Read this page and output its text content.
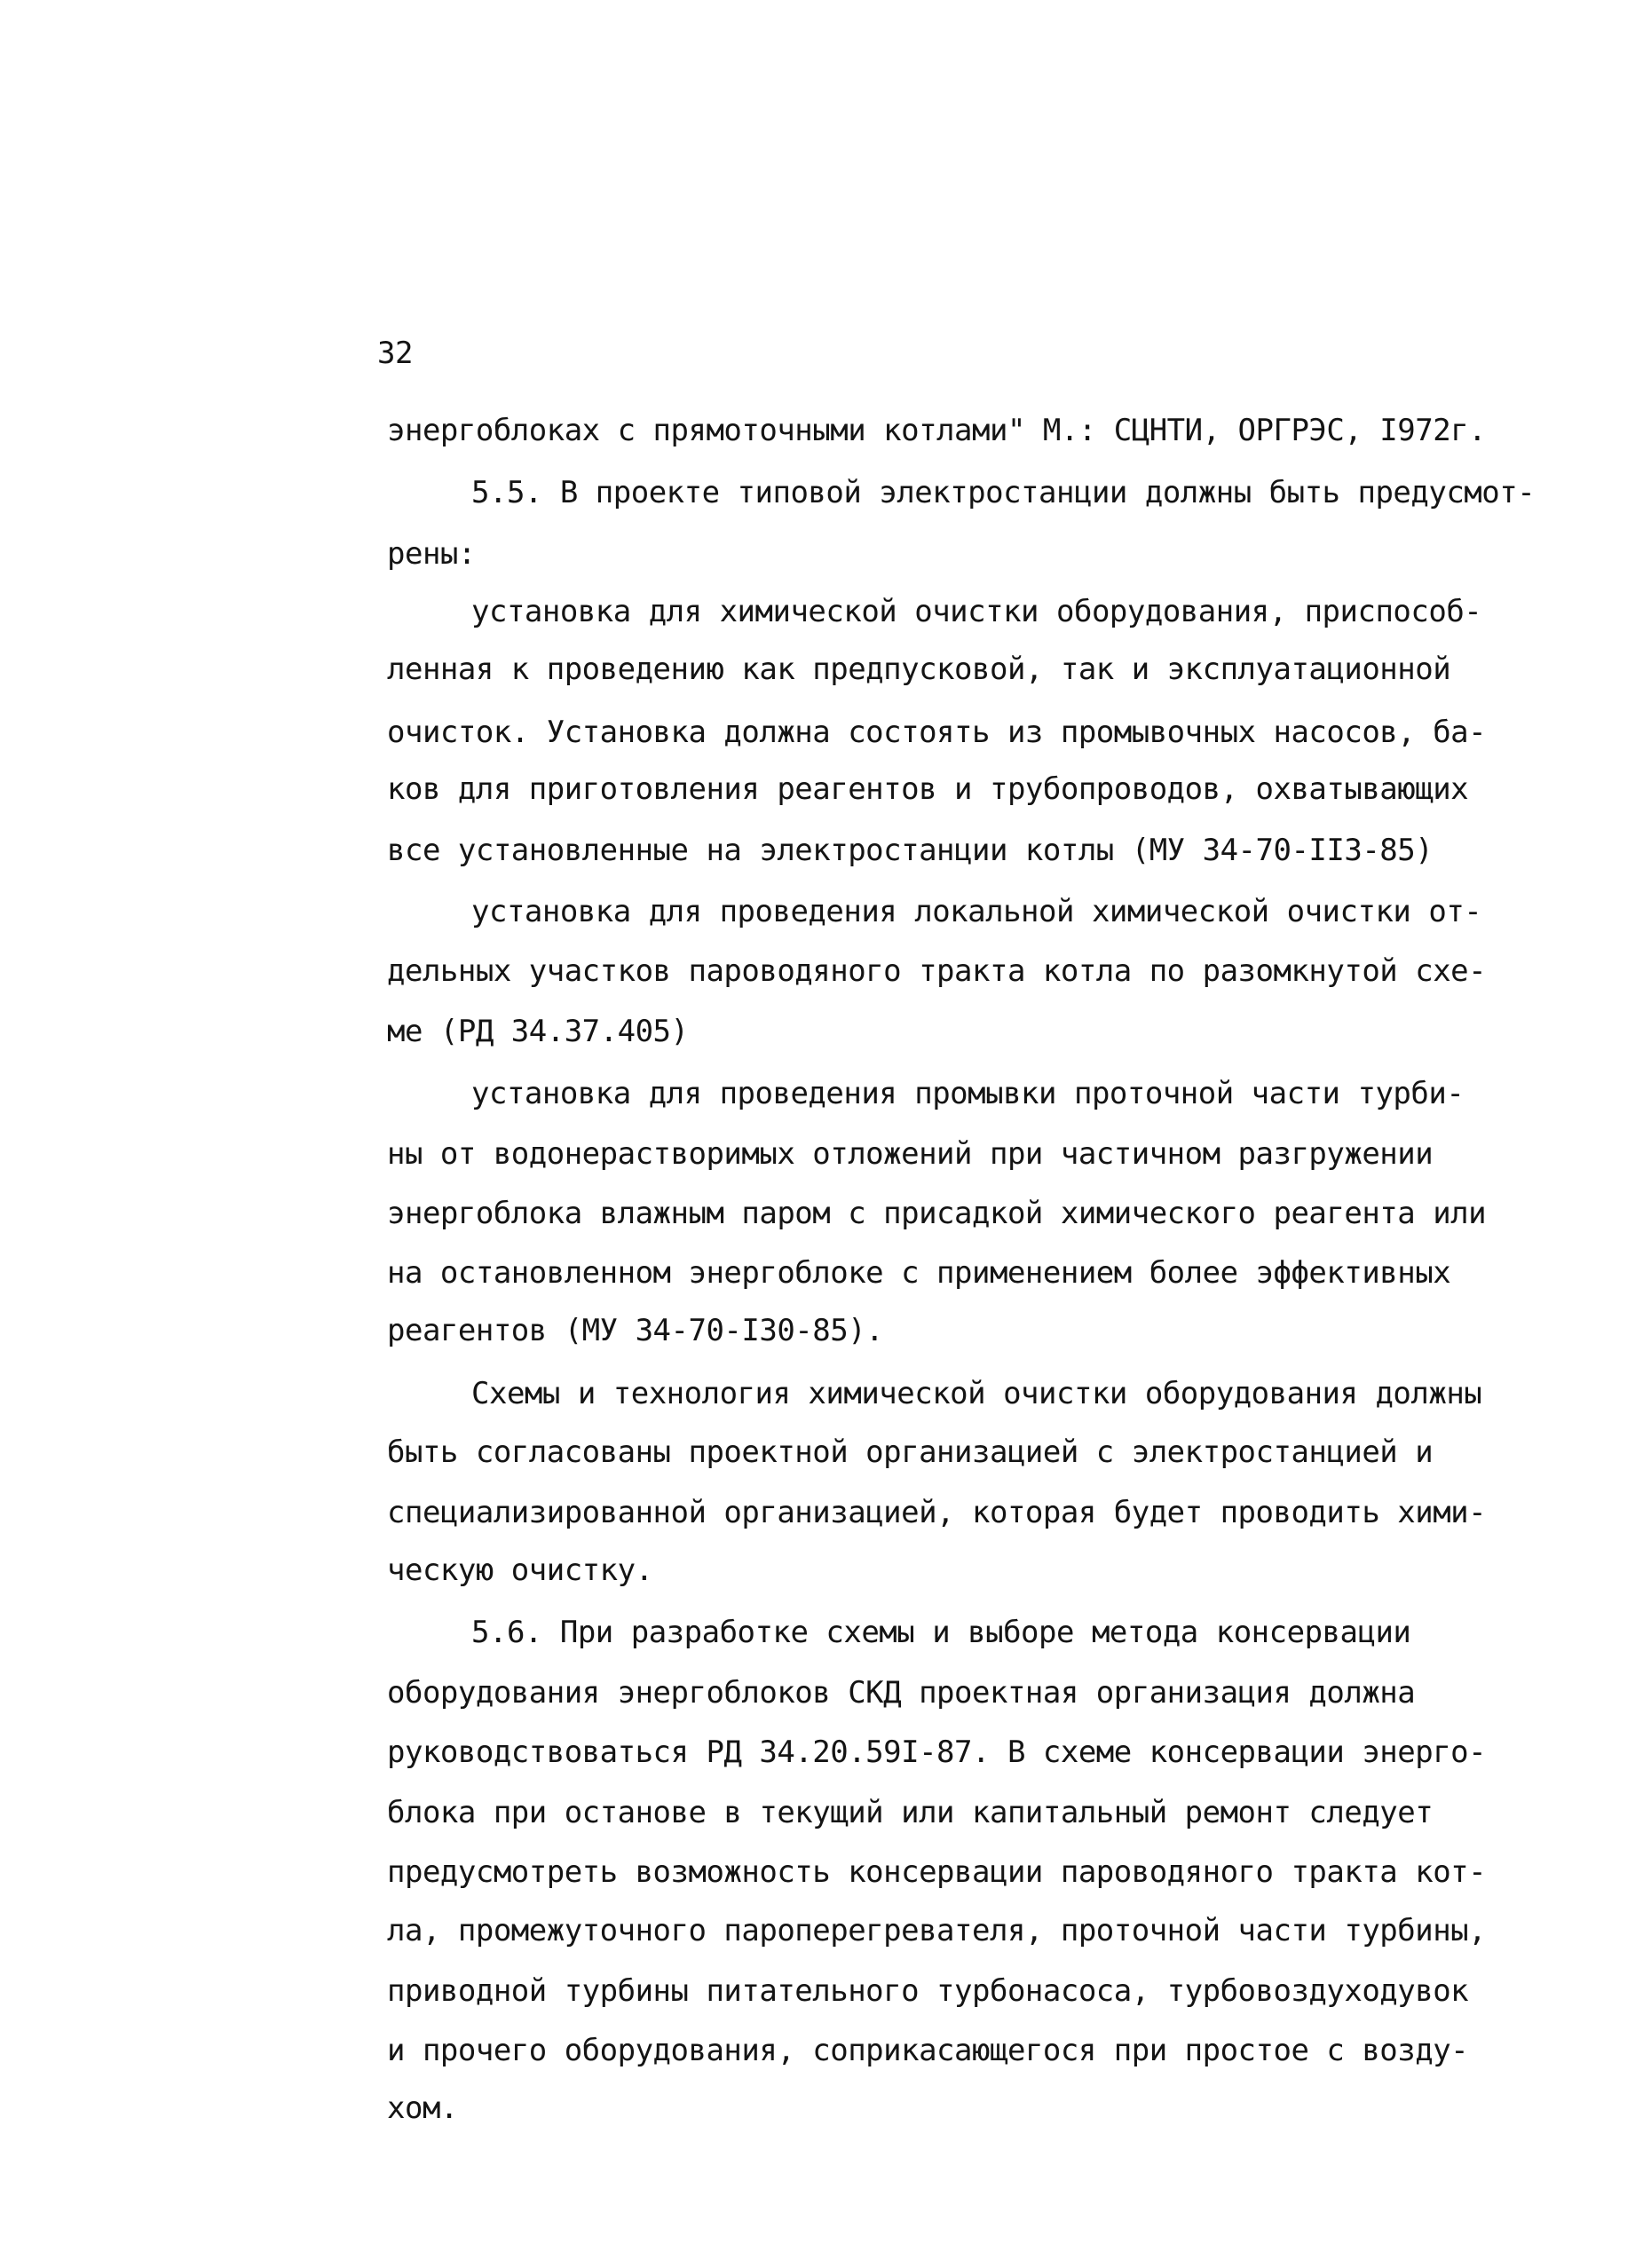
32
энергоблоках с прямоточными котлами" М.: СЦНТИ, ОРГРЭС, I972г.
5.5. В проекте типовой электростанции должны быть предусмот-
рены:
установка для химической очистки оборудования, приспособ-
ленная к проведению как предпусковой, так и эксплуатационной
очисток. Установка должна состоять из промывочных насосов, ба-
ков для приготовления реагентов и трубопроводов, охватывающих
все установленные на электростанции котлы (МУ 34-70-II3-85)
установка для проведения локальной химической очистки от-
дельных участков пароводяного тракта котла по разомкнутой схе-
ме (РД 34.37.405)
установка для проведения промывки проточной части турби-
ны от водонерастворимых отложений при частичном разгружении
энергоблока влажным паром с присадкой химического реагента или
на остановленном энергоблоке с применением более эффективных
реагентов (МУ 34-70-I30-85).
Схемы и технология химической очистки оборудования должны
быть согласованы проектной организацией с электростанцией и
специализированной организацией, которая будет проводить хими-
ческую очистку.
5.6. При разработке схемы и выборе метода консервации
оборудования энергоблоков СКД проектная организация должна
руководствоваться РД 34.20.59I-87. В схеме консервации энерго-
блока при останове в текущий или капитальный ремонт следует
предусмотреть возможность консервации пароводяного тракта кот-
ла, промежуточного пароперегревателя, проточной части турбины,
приводной турбины питательного турбонасоса, турбовоздуходувок
и прочего оборудования, соприкасающегося при простое с возду-
хом.
